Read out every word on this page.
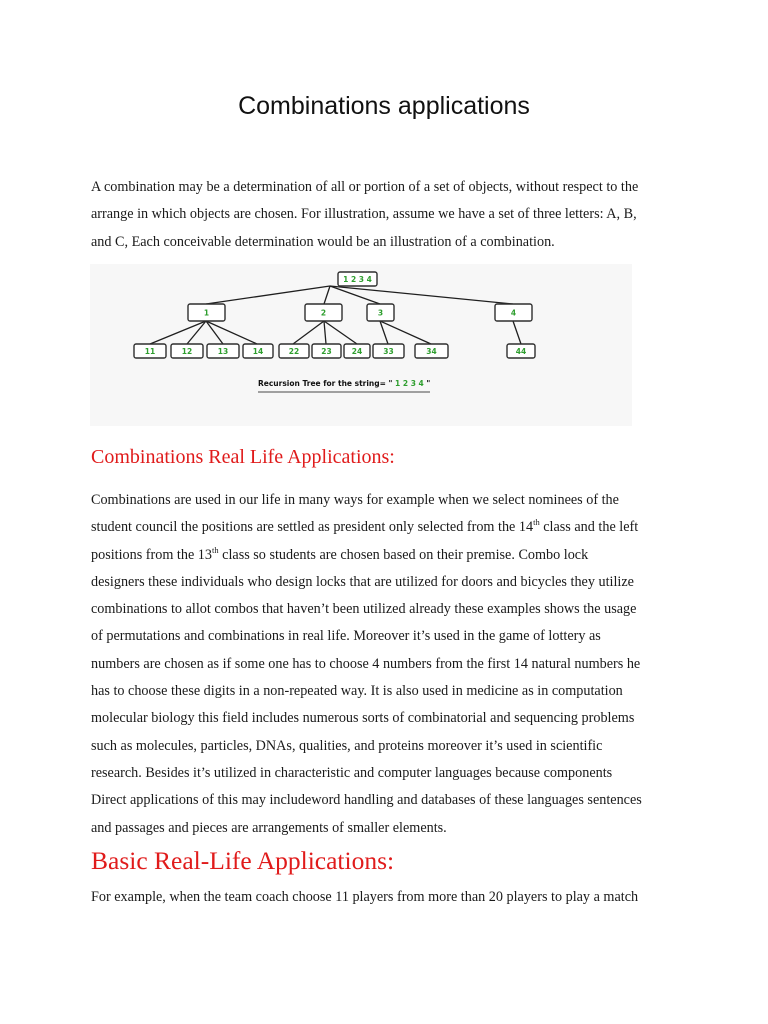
Combinations applications
A combination may be a determination of all or portion of a set of objects, without respect to the
arrange in which objects are chosen. For illustration, assume we have a set of three letters: A, B,
and C, Each conceivable determination would be an illustration of a combination.
1 2 3 4
1	2	3	4
11	12	13	14	22	23	24	33	34	44
Recursion Tree for the string= " 1 2 3 4 "
Combinations Real Life Applications:
Combinations are used in our life in many ways for example when we select nominees of the
student council the positions are settled as president only selected from the 14th class and the left
positions from the 13th class so students are chosen based on their premise. Combo lock
designers these individuals who design locks that are utilized for doors and bicycles they utilize
combinations to allot combos that haven’t been utilized already these examples shows the usage
of permutations and combinations in real life. Moreover it’s used in the game of lottery as
numbers are chosen as if some one has to choose 4 numbers from the first 14 natural numbers he
has to choose these digits in a non-repeated way. It is also used in medicine as in computation
molecular biology this field includes numerous sorts of combinatorial and sequencing problems
such as molecules, particles, DNAs, qualities, and proteins moreover it’s used in scientific
research. Besides it’s utilized in characteristic and computer languages because components
Direct applications of this may includeword handling and databases of these languages sentences
and passages and pieces are arrangements of smaller elements.
Basic Real-Life Applications:
For example, when the team coach choose 11 players from more than 20 players to play a match
